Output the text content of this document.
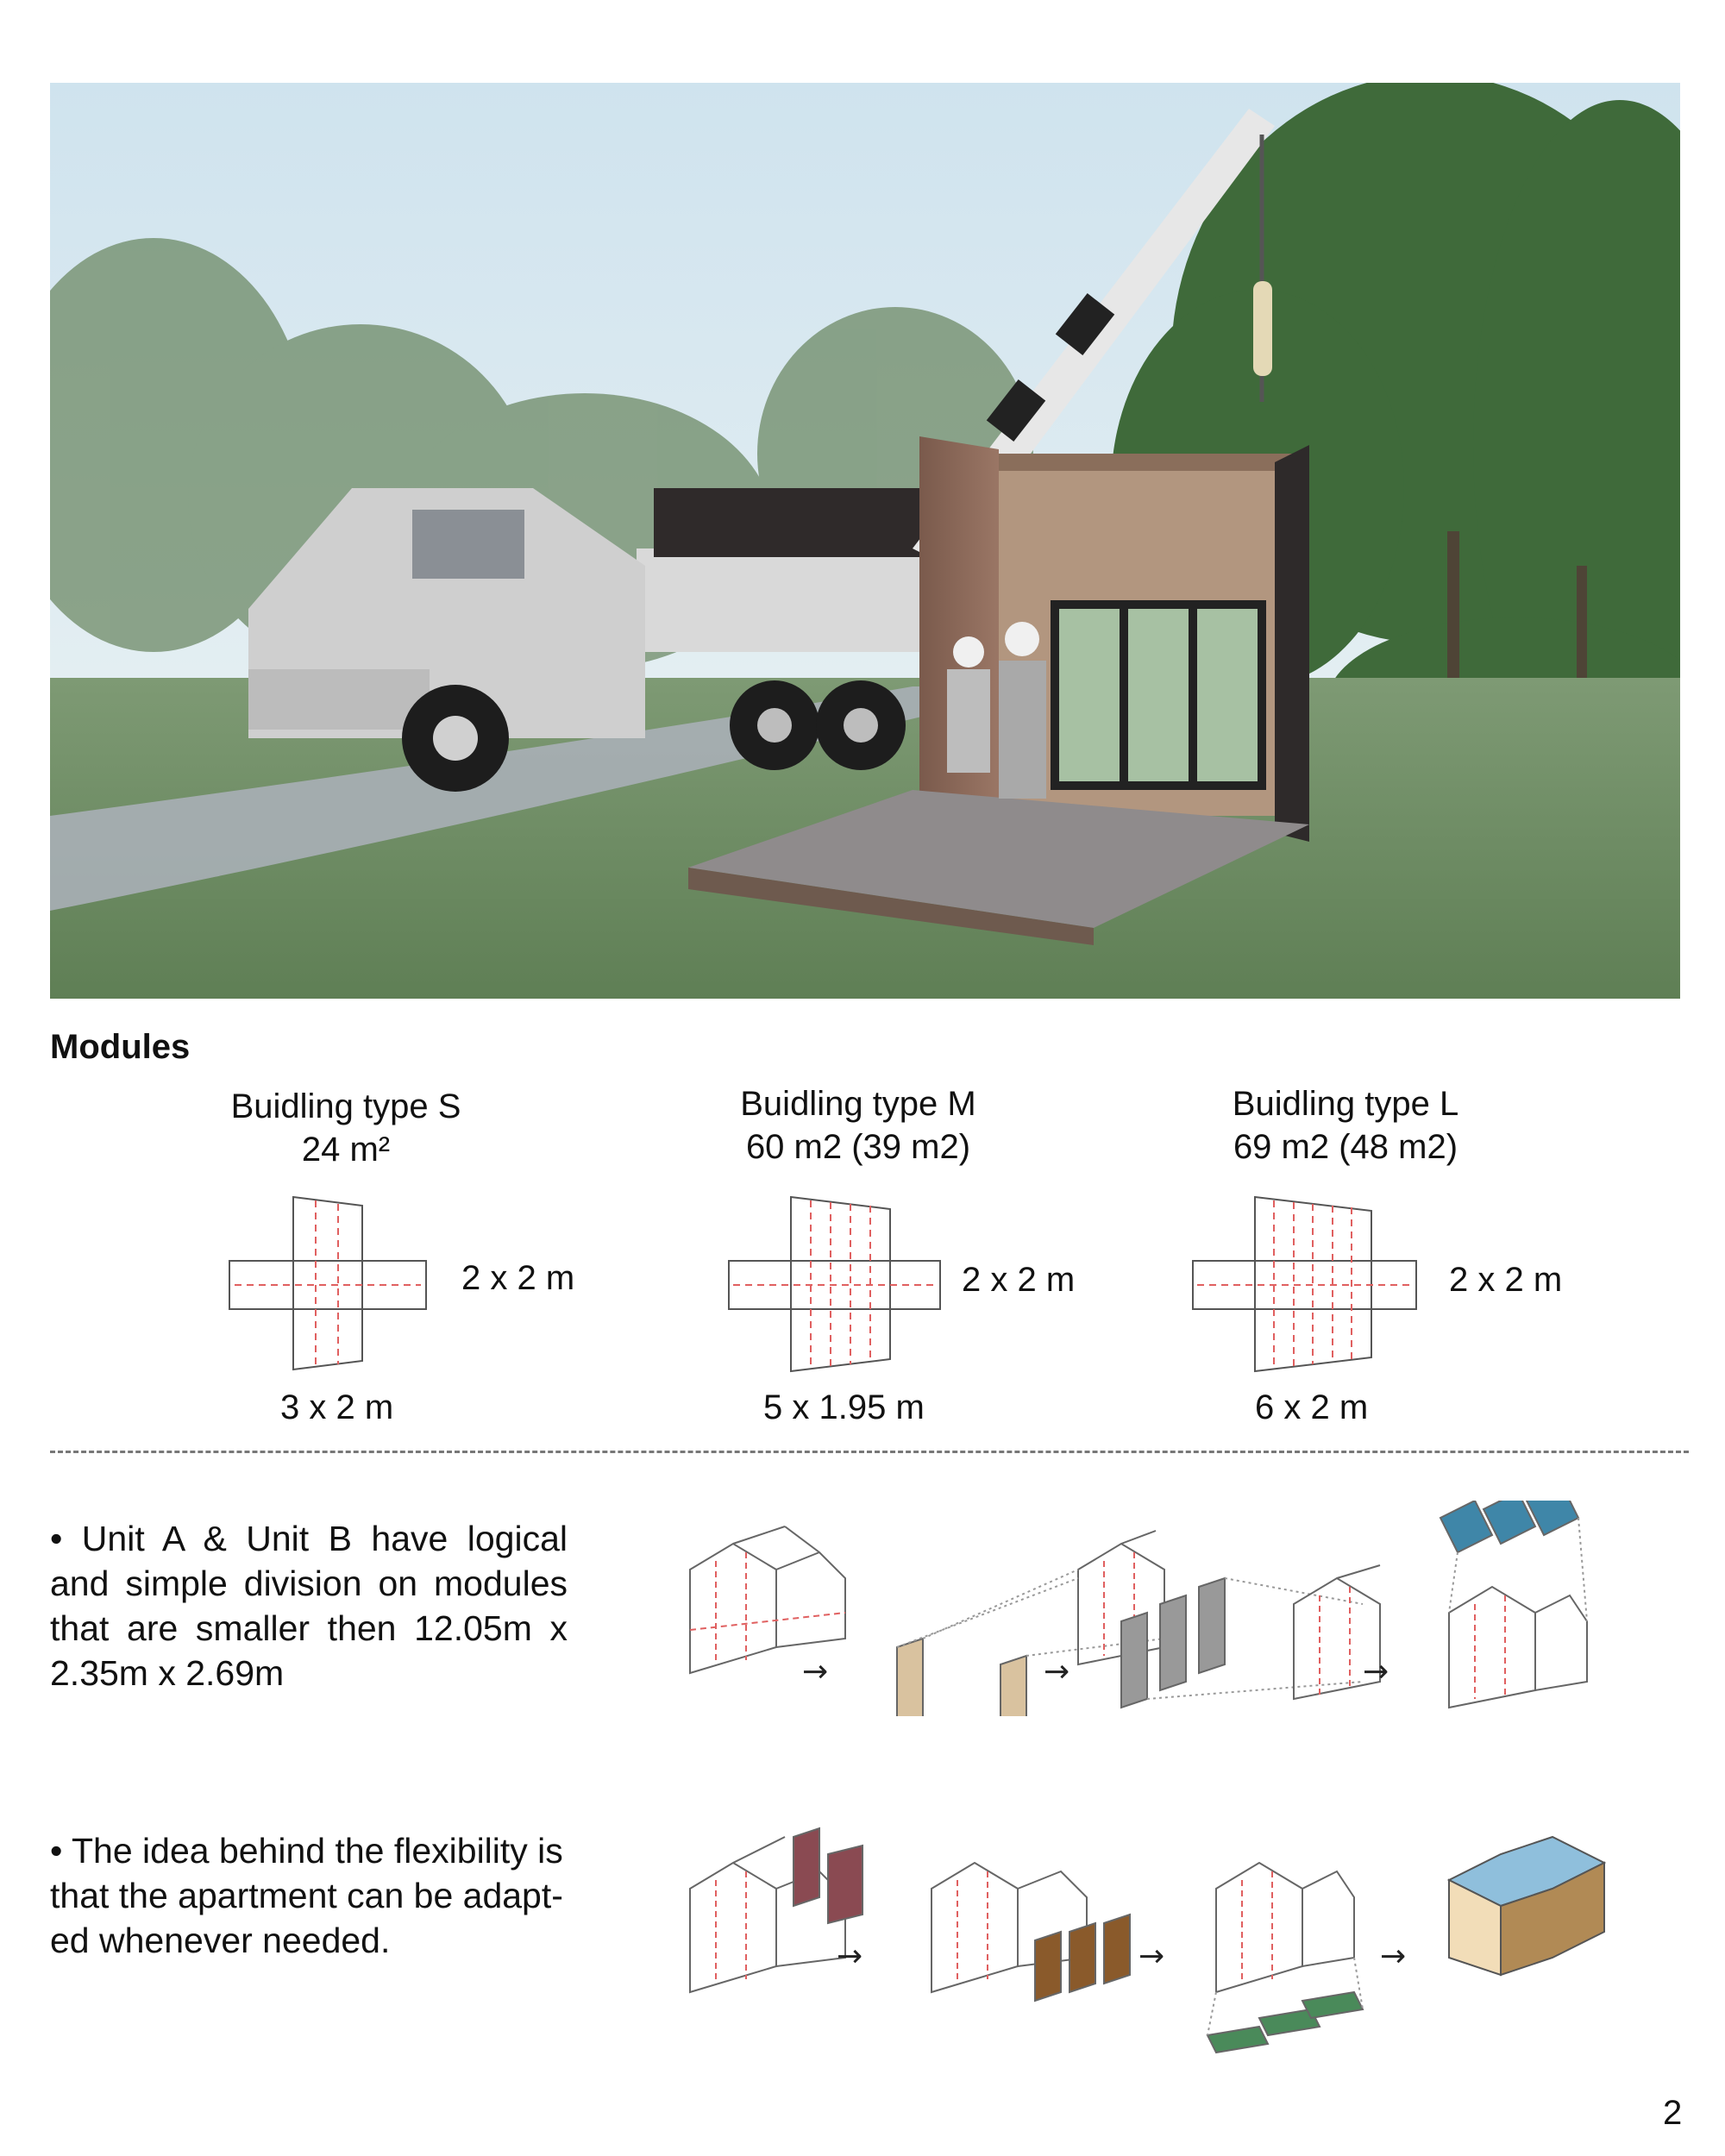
Modules
Buidling type S
24 m²
2 x 2 m
3 x 2 m
Buidling type M
60 m2 (39 m2)
2 x 2 m
5 x 1.95 m
Buidling type L
69 m2 (48 m2)
2 x 2 m
6 x 2 m
• Unit A & Unit B have logical and simple division on modules that are smaller then 12.05m x 2.35m x 2.69m
• The idea behind the flexibility is that the apartment can be adapt-ed whenever needed.
→	→	→
→	→	→
2
